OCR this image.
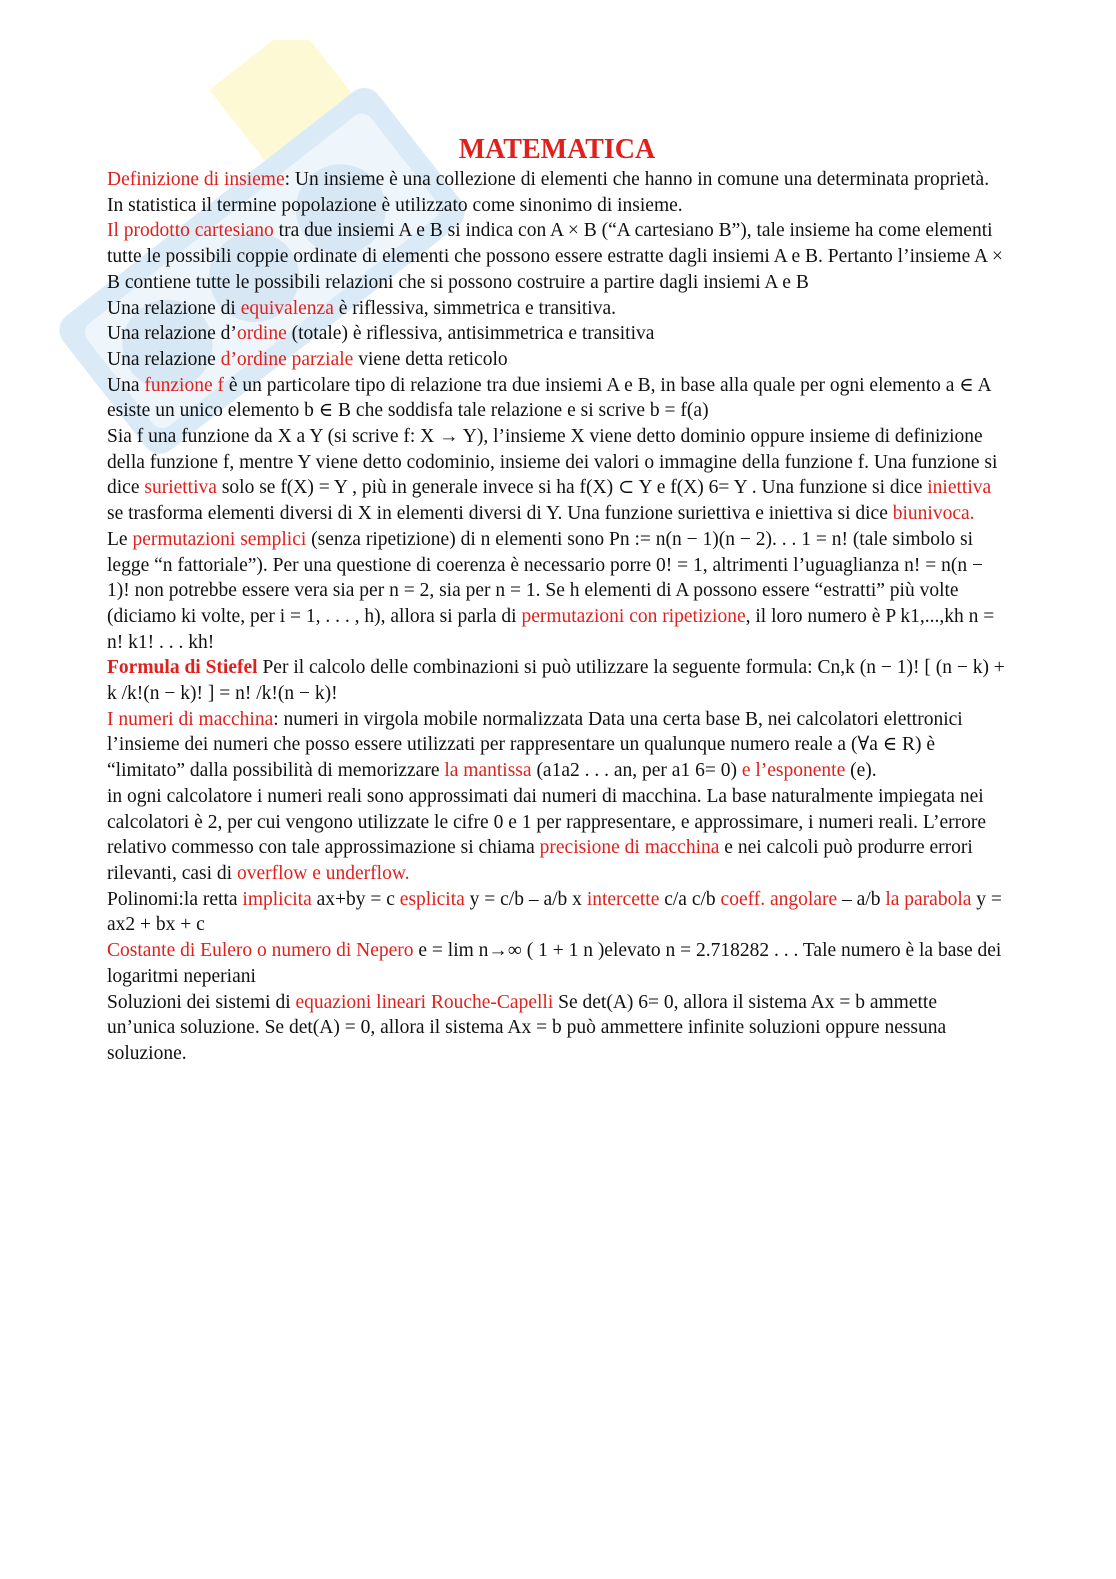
MATEMATICA

Definizione di insieme: Un insieme è una collezione di elementi che hanno in comune una determinata proprietà. In statistica il termine popolazione è utilizzato come sinonimo di insieme.

Il prodotto cartesiano tra due insiemi A e B si indica con A × B (“A cartesiano B”), tale insieme ha come elementi tutte le possibili coppie ordinate di elementi che possono essere estratte dagli insiemi A e B. Pertanto l’insieme A × B contiene tutte le possibili relazioni che si possono costruire a partire dagli insiemi A e B

Una relazione di equivalenza è riflessiva, simmetrica e transitiva.

Una relazione d’ordine (totale) è riflessiva, antisimmetrica e transitiva

Una relazione d’ordine parziale viene detta reticolo

Una funzione f è un particolare tipo di relazione tra due insiemi A e B, in base alla quale per ogni elemento a ∈ A esiste un unico elemento b ∈ B che soddisfa tale relazione e si scrive b = f(a)

Sia f una funzione da X a Y (si scrive f: X → Y), l’insieme X viene detto dominio oppure insieme di definizione della funzione f, mentre Y viene detto codominio, insieme dei valori o immagine della funzione f. Una funzione si dice suriettiva solo se f(X) = Y , più in generale invece si ha f(X) ⊂ Y e f(X) 6= Y . Una funzione si dice iniettiva se trasforma elementi diversi di X in elementi diversi di Y. Una funzione suriettiva e iniettiva si dice biunivoca.

Le permutazioni semplici (senza ripetizione) di n elementi sono Pn := n(n − 1)(n − 2). . . 1 = n! (tale simbolo si legge “n fattoriale”). Per una questione di coerenza è necessario porre 0! = 1, altrimenti l’uguaglianza n! = n(n − 1)! non potrebbe essere vera sia per n = 2, sia per n = 1. Se h elementi di A possono essere “estratti” più volte (diciamo ki volte, per i = 1, . . . , h), allora si parla di permutazioni con ripetizione, il loro numero è P k1,...,kh n = n! k1! . . . kh!

Formula di Stiefel Per il calcolo delle combinazioni si può utilizzare la seguente formula: Cn,k (n − 1)! [ (n − k) + k /k!(n − k)! ] = n! /k!(n − k)!

I numeri di macchina: numeri in virgola mobile normalizzata Data una certa base B, nei calcolatori elettronici l’insieme dei numeri che posso essere utilizzati per rappresentare un qualunque numero reale a (∀a ∈ R) è “limitato” dalla possibilità di memorizzare la mantissa (a1a2 . . . an, per a1 6= 0) e l’esponente (e).

in ogni calcolatore i numeri reali sono approssimati dai numeri di macchina. La base naturalmente impiegata nei calcolatori è 2, per cui vengono utilizzate le cifre 0 e 1 per rappresentare, e approssimare, i numeri reali. L’errore relativo commesso con tale approssimazione si chiama precisione di macchina e nei calcoli può produrre errori rilevanti, casi di overflow e underflow.

Polinomi:la retta implicita ax+by = c esplicita y = c/b – a/b x intercette c/a c/b coeff. angolare – a/b la parabola y = ax2 + bx + c

Costante di Eulero o numero di Nepero e = lim n→∞ ( 1 + 1 n )elevato n = 2.718282 . . . Tale numero è la base dei logaritmi neperiani

Soluzioni dei sistemi di equazioni lineari Rouche-Capelli Se det(A) 6= 0, allora il sistema Ax = b ammette un’unica soluzione. Se det(A) = 0, allora il sistema Ax = b può ammettere infinite soluzioni oppure nessuna soluzione.
